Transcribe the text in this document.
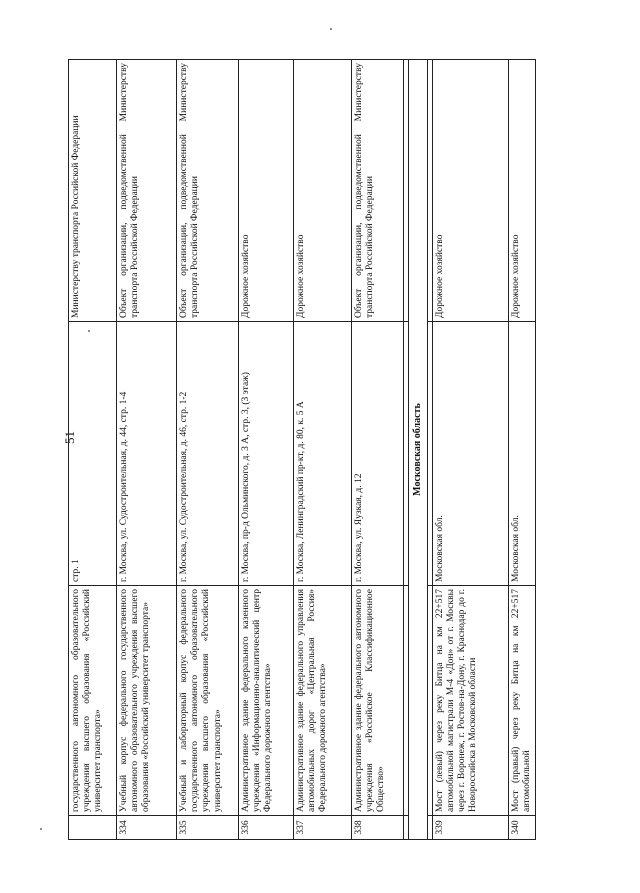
51
	государственного автономного образовательного учреждения высшего образования «Российский университет транспорта»	стр. 1	Министерству транспорта Российской Федерации
334	Учебный корпус федерального государственного автономного образовательного учреждения высшего образования «Российский университет транспорта»	г. Москва, ул. Судостроительная, д. 44, стр. 1-4	Объект организации, подведомственной Министерству транспорта Российской Федерации
335	Учебный и лабораторный корпус федерального государственного автономного образовательного учреждения высшего образования «Российский университет транспорта»	г. Москва, ул. Судостроительная, д. 46, стр. 1-2	Объект организации, подведомственной Министерству транспорта Российской Федерации
336	Административное здание федерального казенного учреждения «Информационно-аналитический центр Федерального дорожного агентства»	г. Москва, пр-д Ольминского, д. 3 А, стр. 3, (3 этаж)	Дорожное хозяйство
337	Административное здание федерального управления автомобильных дорог «Центральная Россия» Федерального дорожного агентства»	г. Москва, Ленинградский пр-кт, д. 80, к. 5 А	Дорожное хозяйство
338	Административное здание федерального автономного учреждения «Российское Классификационное Общество»	г. Москва, ул. Яузкая, д. 12	Объект организации, подведомственной Министерству транспорта Российской Федерации

Московская область			

339	Мост (левый) через реку Битца на км 22+517 автомобильной магистрали М-4 «Дон» от г. Москвы через г. Воронеж, г. Ростов-на-Дону, г. Краснодар до г. Новороссийска в Московской области	Московская обл.	Дорожное хозяйство
340	Мост (правый) через реку Битца на км 22+517 автомобильной	Московская обл.	Дорожное хозяйство
